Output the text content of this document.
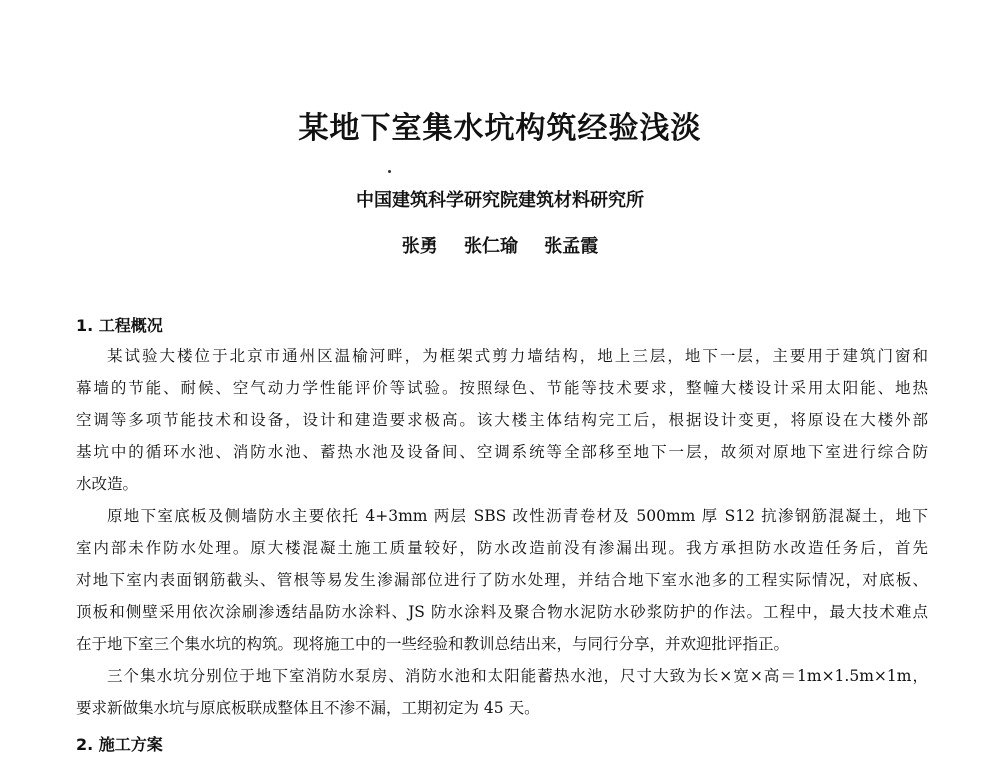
某地下室集水坑构筑经验浅淡
中国建筑科学研究院建筑材料研究所
张勇 张仁瑜 张孟霞
1. 工程概况
某试验大楼位于北京市通州区温榆河畔，为框架式剪力墙结构，地上三层，地下一层，主要用于建筑门窗和
幕墙的节能、耐候、空气动力学性能评价等试验。按照绿色、节能等技术要求，整幢大楼设计采用太阳能、地热
空调等多项节能技术和设备，设计和建造要求极高。该大楼主体结构完工后，根据设计变更，将原设在大楼外部
基坑中的循环水池、消防水池、蓄热水池及设备间、空调系统等全部移至地下一层，故须对原地下室进行综合防
水改造。
原地下室底板及侧墙防水主要依托 4+3mm 两层 SBS 改性沥青卷材及 500mm 厚 S12 抗渗钢筋混凝土，地下
室内部未作防水处理。原大楼混凝土施工质量较好，防水改造前没有渗漏出现。我方承担防水改造任务后，首先
对地下室内表面钢筋截头、管根等易发生渗漏部位进行了防水处理，并结合地下室水池多的工程实际情况，对底板、
顶板和侧壁采用依次涂刷渗透结晶防水涂料、JS 防水涂料及聚合物水泥防水砂浆防护的作法。工程中，最大技术难点
在于地下室三个集水坑的构筑。现将施工中的一些经验和教训总结出来，与同行分享，并欢迎批评指正。
三个集水坑分别位于地下室消防水泵房、消防水池和太阳能蓄热水池，尺寸大致为长×宽×高＝1m×1.5m×1m，
要求新做集水坑与原底板联成整体且不渗不漏，工期初定为 45 天。
2. 施工方案
